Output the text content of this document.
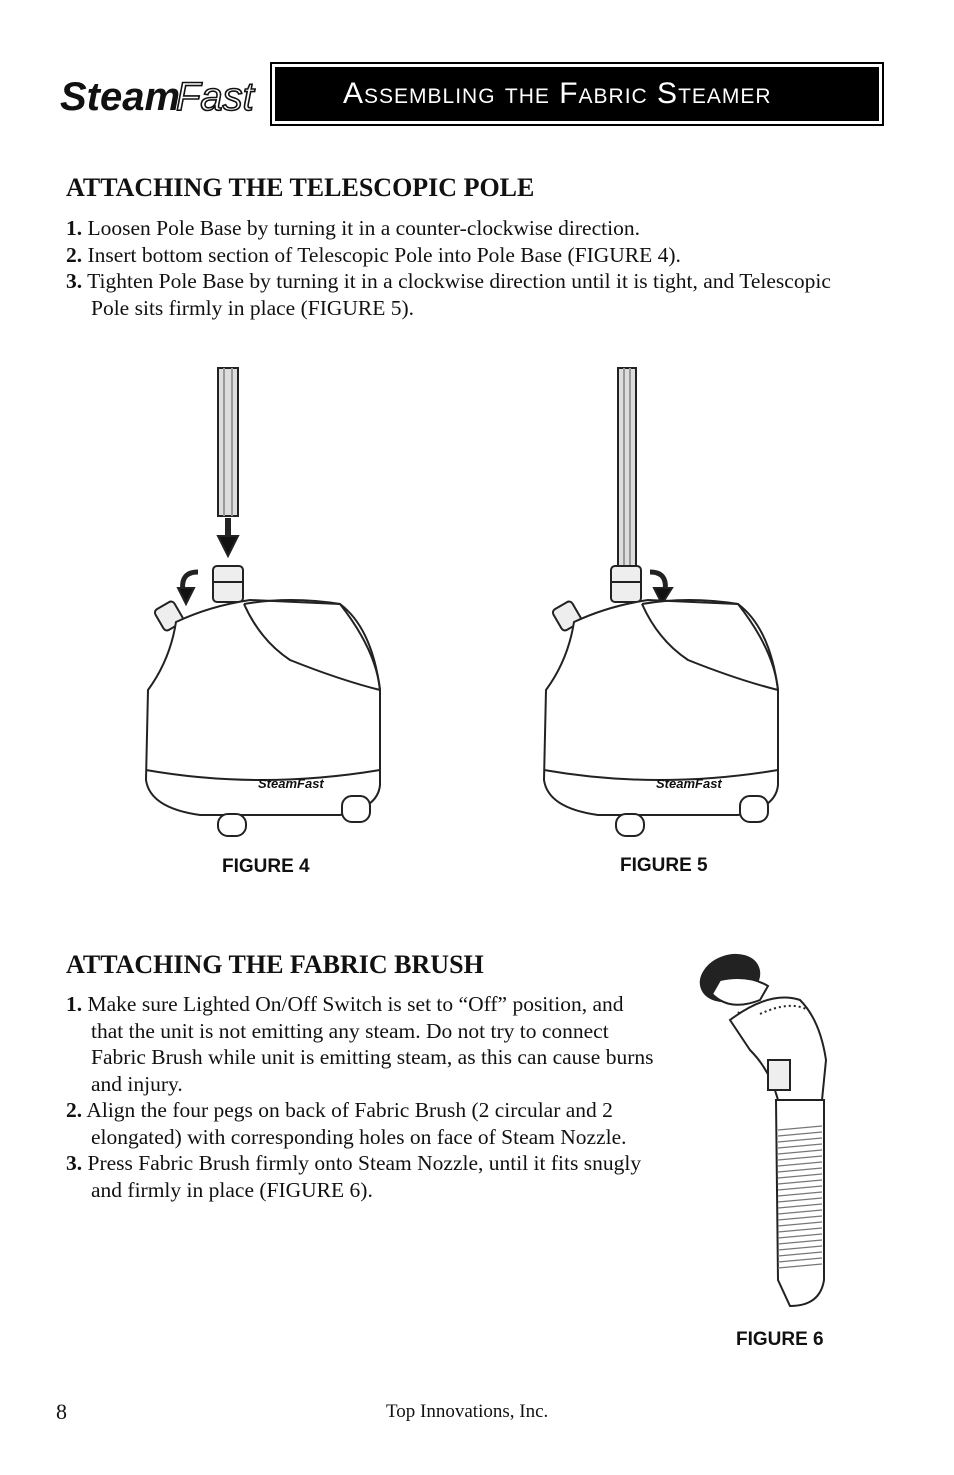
Steam
Fast	Assembling the Fabric Steamer
ATTACHING THE TELESCOPIC POLE
1. Loosen Pole Base by turning it in a counter-clockwise direction.
2. Insert bottom section of Telescopic Pole into Pole Base (FIGURE 4).
3. Tighten Pole Base by turning it in a clockwise direction until it is tight, and Telescopic Pole sits firmly in place (FIGURE 5).
SteamFast
FIGURE 4
SteamFast
FIGURE 5
ATTACHING THE FABRIC BRUSH
1. Make sure Lighted On/Off Switch is set to “Off” position, and that the unit is not emitting any steam. Do not try to connect Fabric Brush while unit is emitting steam, as this can cause burns and injury.
2. Align the four pegs on back of Fabric Brush (2 circular and 2 elongated) with corresponding holes on face of Steam Nozzle.
3. Press Fabric Brush firmly onto Steam Nozzle, until it fits snugly and firmly in place (FIGURE 6).
FIGURE 6
8	Top Innovations, Inc.
